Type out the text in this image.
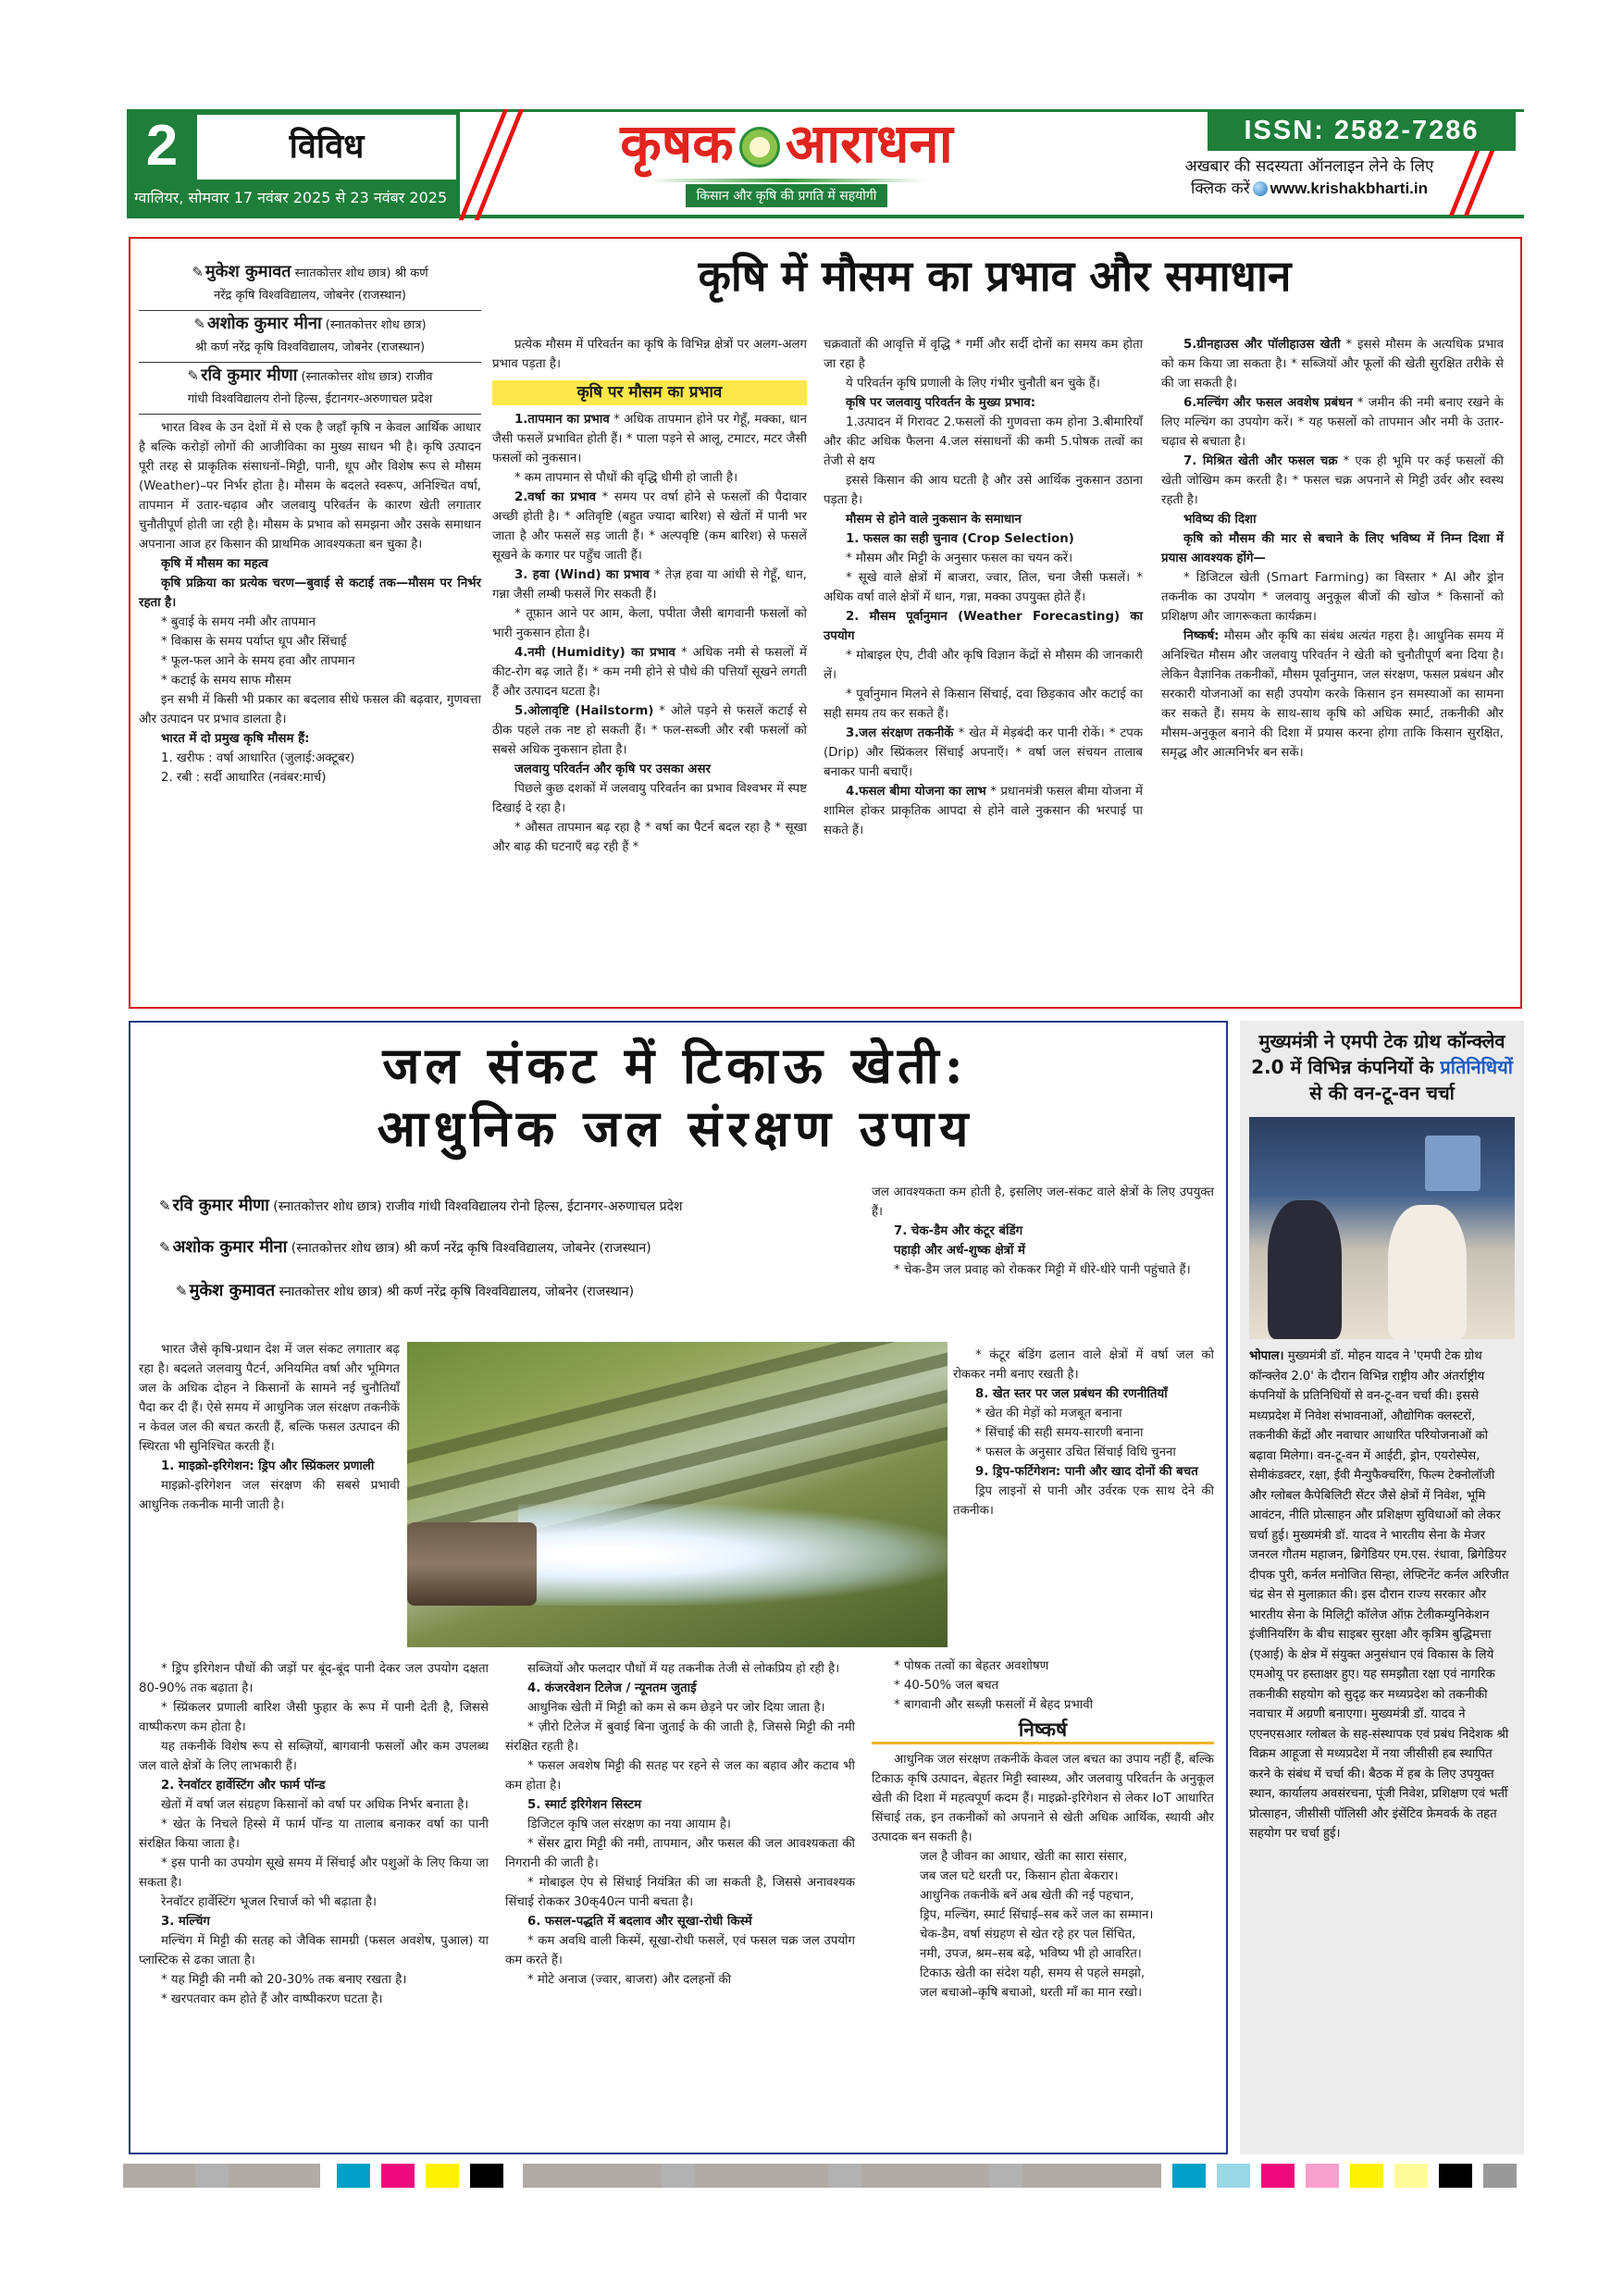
2	विविध
ग्वालियर, सोमवार 17 नवंबर 2025 से 23 नवंबर 2025
कृषक आराधना
किसान और कृषि की प्रगति में सहयोगी
ISSN: 2582-7286
अखबार की सदस्यता ऑनलाइन लेने के लिए
क्लिक करें www.krishakbharti.in
कृषि में मौसम का प्रभाव और समाधान
✎ मुकेश कुमावत स्नातकोत्तर शोध छात्र) श्री कर्ण
नरेंद्र कृषि विश्वविद्यालय, जोबनेर (राजस्थान)
✎ अशोक कुमार मीना (स्नातकोत्तर शोध छात्र)
श्री कर्ण नरेंद्र कृषि विश्वविद्यालय, जोबनेर (राजस्थान)
✎ रवि कुमार मीणा (स्नातकोत्तर शोध छात्र) राजीव
गांधी विश्वविद्यालय रोनो हिल्स, ईटानगर-अरुणाचल प्रदेश

भारत विश्व के उन देशों में से एक है जहाँ कृषि न केवल आर्थिक आधार है बल्कि करोड़ों लोगों की आजीविका का मुख्य साधन भी है। कृषि उत्पादन पूरी तरह से प्राकृतिक संसाधनों–मिट्टी, पानी, धूप और विशेष रूप से मौसम (Weather)–पर निर्भर होता है। मौसम के बदलते स्वरूप, अनिश्चित वर्षा, तापमान में उतार-चढ़ाव और जलवायु परिवर्तन के कारण खेती लगातार चुनौतीपूर्ण होती जा रही है। मौसम के प्रभाव को समझना और उसके समाधान अपनाना आज हर किसान की प्राथमिक आवश्यकता बन चुका है।

कृषि में मौसम का महत्व

कृषि प्रक्रिया का प्रत्येक चरण—बुवाई से कटाई तक—मौसम पर निर्भर रहता है।

* बुवाई के समय नमी और तापमान

* विकास के समय पर्याप्त धूप और सिंचाई

* फूल-फल आने के समय हवा और तापमान

* कटाई के समय साफ मौसम

इन सभी में किसी भी प्रकार का बदलाव सीधे फसल की बढ़वार, गुणवत्ता और उत्पादन पर प्रभाव डालता है।

भारत में दो प्रमुख कृषि मौसम हैं:

1. खरीफ : वर्षा आधारित (जुलाई:अक्टूबर)

2. रबी : सर्दी आधारित (नवंबर:मार्च)

प्रत्येक मौसम में परिवर्तन का कृषि के विभिन्न क्षेत्रों पर अलग-अलग प्रभाव पड़ता है।

कृषि पर मौसम का प्रभाव

1.तापमान का प्रभाव * अधिक तापमान होने पर गेहूँ, मक्का, धान जैसी फसलें प्रभावित होती हैं। * पाला पड़ने से आलू, टमाटर, मटर जैसी फसलों को नुकसान।

* कम तापमान से पौधों की वृद्धि धीमी हो जाती है।

2.वर्षा का प्रभाव * समय पर वर्षा होने से फसलों की पैदावार अच्छी होती है। * अतिवृष्टि (बहुत ज्यादा बारिश) से खेतों में पानी भर जाता है और फसलें सड़ जाती हैं। * अल्पवृष्टि (कम बारिश) से फसलें सूखने के कगार पर पहुँच जाती हैं।

3. हवा (Wind) का प्रभाव * तेज़ हवा या आंधी से गेहूँ, धान, गन्ना जैसी लम्बी फसलें गिर सकती हैं।

* तूफ़ान आने पर आम, केला, पपीता जैसी बागवानी फसलों को भारी नुकसान होता है।

4.नमी (Humidity) का प्रभाव * अधिक नमी से फसलों में कीट-रोग बढ़ जाते हैं। * कम नमी होने से पौधे की पत्तियाँ सूखने लगती हैं और उत्पादन घटता है।

5.ओलावृष्टि (Hailstorm) * ओले पड़ने से फसलें कटाई से ठीक पहले तक नष्ट हो सकती हैं। * फल-सब्जी और रबी फसलों को सबसे अधिक नुकसान होता है।

जलवायु परिवर्तन और कृषि पर उसका असर

पिछले कुछ दशकों में जलवायु परिवर्तन का प्रभाव विश्वभर में स्पष्ट दिखाई दे रहा है।

* औसत तापमान बढ़ रहा है * वर्षा का पैटर्न बदल रहा है * सूखा और बाढ़ की घटनाएँ बढ़ रही हैं *

चक्रवातों की आवृत्ति में वृद्धि * गर्मी और सर्दी दोनों का समय कम होता जा रहा है

ये परिवर्तन कृषि प्रणाली के लिए गंभीर चुनौती बन चुके हैं।

कृषि पर जलवायु परिवर्तन के मुख्य प्रभाव:

1.उत्पादन में गिरावट 2.फसलों की गुणवत्ता कम होना 3.बीमारियाँ और कीट अधिक फैलना 4.जल संसाधनों की कमी 5.पोषक तत्वों का तेजी से क्षय

इससे किसान की आय घटती है और उसे आर्थिक नुकसान उठाना पड़ता है।

मौसम से होने वाले नुकसान के समाधान

1. फसल का सही चुनाव (Crop Selection)

* मौसम और मिट्टी के अनुसार फसल का चयन करें।

* सूखे वाले क्षेत्रों में बाजरा, ज्वार, तिल, चना जैसी फसलें। * अधिक वर्षा वाले क्षेत्रों में धान, गन्ना, मक्का उपयुक्त होते हैं।

2. मौसम पूर्वानुमान (Weather Forecasting) का उपयोग

* मोबाइल ऐप, टीवी और कृषि विज्ञान केंद्रों से मौसम की जानकारी लें।

* पूर्वानुमान मिलने से किसान सिंचाई, दवा छिड़काव और कटाई का सही समय तय कर सकते हैं।

3.जल संरक्षण तकनीकें * खेत में मेड़बंदी कर पानी रोकें। * टपक (Drip) और स्प्रिंकलर सिंचाई अपनाएँ। * वर्षा जल संचयन तालाब बनाकर पानी बचाएँ।

4.फसल बीमा योजना का लाभ * प्रधानमंत्री फसल बीमा योजना में शामिल होकर प्राकृतिक आपदा से होने वाले नुकसान की भरपाई पा सकते हैं।

5.ग्रीनहाउस और पॉलीहाउस खेती * इससे मौसम के अत्यधिक प्रभाव को कम किया जा सकता है। * सब्जियों और फूलों की खेती सुरक्षित तरीके से की जा सकती है।

6.मल्चिंग और फसल अवशेष प्रबंधन * जमीन की नमी बनाए रखने के लिए मल्चिंग का उपयोग करें। * यह फसलों को तापमान और नमी के उतार-चढ़ाव से बचाता है।

7. मिश्रित खेती और फसल चक्र * एक ही भूमि पर कई फसलों की खेती जोखिम कम करती है। * फसल चक्र अपनाने से मिट्टी उर्वर और स्वस्थ रहती है।

भविष्य की दिशा

कृषि को मौसम की मार से बचाने के लिए भविष्य में निम्न दिशा में प्रयास आवश्यक होंगे—

* डिजिटल खेती (Smart Farming) का विस्तार * AI और ड्रोन तकनीक का उपयोग * जलवायु अनुकूल बीजों की खोज * किसानों को प्रशिक्षण और जागरूकता कार्यक्रम।

निष्कर्ष: मौसम और कृषि का संबंध अत्यंत गहरा है। आधुनिक समय में अनिश्चित मौसम और जलवायु परिवर्तन ने खेती को चुनौतीपूर्ण बना दिया है। लेकिन वैज्ञानिक तकनीकों, मौसम पूर्वानुमान, जल संरक्षण, फसल प्रबंधन और सरकारी योजनाओं का सही उपयोग करके किसान इन समस्याओं का सामना कर सकते हैं। समय के साथ-साथ कृषि को अधिक स्मार्ट, तकनीकी और मौसम-अनुकूल बनाने की दिशा में प्रयास करना होगा ताकि किसान सुरक्षित, समृद्ध और आत्मनिर्भर बन सकें।

जल संकट में टिकाऊ खेती:
आधुनिक जल संरक्षण उपाय
✎ रवि कुमार मीणा (स्नातकोत्तर शोध छात्र) राजीव गांधी विश्वविद्यालय रोनो हिल्स, ईटानगर-अरुणाचल प्रदेश
✎ अशोक कुमार मीना (स्नातकोत्तर शोध छात्र) श्री कर्ण नरेंद्र कृषि विश्वविद्यालय, जोबनेर (राजस्थान)
✎ मुकेश कुमावत स्नातकोत्तर शोध छात्र) श्री कर्ण नरेंद्र कृषि विश्वविद्यालय, जोबनेर (राजस्थान)

भारत जैसे कृषि-प्रधान देश में जल संकट लगातार बढ़ रहा है। बदलते जलवायु पैटर्न, अनियमित वर्षा और भूमिगत जल के अधिक दोहन ने किसानों के सामने नई चुनौतियाँ पैदा कर दी हैं। ऐसे समय में आधुनिक जल संरक्षण तकनीकें न केवल जल की बचत करती हैं, बल्कि फसल उत्पादन की स्थिरता भी सुनिश्चित करती हैं।

1. माइक्रो-इरिगेशन: ड्रिप और स्प्रिंकलर प्रणाली

माइक्रो-इरिगेशन जल संरक्षण की सबसे प्रभावी आधुनिक तकनीक मानी जाती है।

* ड्रिप इरिगेशन पौधों की जड़ों पर बूंद-बूंद पानी देकर जल उपयोग दक्षता 80-90% तक बढ़ाता है।

* स्प्रिंकलर प्रणाली बारिश जैसी फुहार के रूप में पानी देती है, जिससे वाष्पीकरण कम होता है।

यह तकनीकें विशेष रूप से सब्ज़ियों, बागवानी फसलों और कम उपलब्ध जल वाले क्षेत्रों के लिए लाभकारी हैं।

2. रेनवॉटर हार्वेस्टिंग और फार्म पॉन्ड

खेतों में वर्षा जल संग्रहण किसानों को वर्षा पर अधिक निर्भर बनाता है।

* खेत के निचले हिस्से में फार्म पॉन्ड या तालाब बनाकर वर्षा का पानी संरक्षित किया जाता है।

* इस पानी का उपयोग सूखे समय में सिंचाई और पशुओं के लिए किया जा सकता है।

रेनवॉटर हार्वेस्टिंग भूजल रिचार्ज को भी बढ़ाता है।

3. मल्चिंग

मल्चिंग में मिट्टी की सतह को जैविक सामग्री (फसल अवशेष, पुआल) या प्लास्टिक से ढका जाता है।

* यह मिट्टी की नमी को 20-30% तक बनाए रखता है।

* खरपतवार कम होते हैं और वाष्पीकरण घटता है।

सब्जियों और फलदार पौधों में यह तकनीक तेजी से लोकप्रिय हो रही है।

4. कंजरवेशन टिलेज / न्यूनतम जुताई

आधुनिक खेती में मिट्टी को कम से कम छेड़ने पर जोर दिया जाता है।

* ज़ीरो टिलेज में बुवाई बिना जुताई के की जाती है, जिससे मिट्टी की नमी संरक्षित रहती है।

* फसल अवशेष मिट्टी की सतह पर रहने से जल का बहाव और कटाव भी कम होता है।

5. स्मार्ट इरिगेशन सिस्टम

डिजिटल कृषि जल संरक्षण का नया आयाम है।

* सेंसर द्वारा मिट्टी की नमी, तापमान, और फसल की जल आवश्यकता की निगरानी की जाती है।

* मोबाइल ऐप से सिंचाई नियंत्रित की जा सकती है, जिससे अनावश्यक सिंचाई रोककर 30क्40त्न पानी बचता है।

6. फसल-पद्धति में बदलाव और सूखा-रोधी किस्में

* कम अवधि वाली किस्में, सूखा-रोधी फसलें, एवं फसल चक्र जल उपयोग कम करते हैं।

* मोटे अनाज (ज्वार, बाजरा) और दलहनों की

जल आवश्यकता कम होती है, इसलिए जल-संकट वाले क्षेत्रों के लिए उपयुक्त हैं।

7. चेक-डैम और कंटूर बंडिंग

पहाड़ी और अर्ध-शुष्क क्षेत्रों में

* चेक-डैम जल प्रवाह को रोककर मिट्टी में धीरे-धीरे पानी पहुंचाते हैं।

* कंटूर बंडिंग ढलान वाले क्षेत्रों में वर्षा जल को रोककर नमी बनाए रखती है।

8. खेत स्तर पर जल प्रबंधन की रणनीतियाँ

* खेत की मेड़ों को मजबूत बनाना

* सिंचाई की सही समय-सारणी बनाना

* फसल के अनुसार उचित सिंचाई विधि चुनना

9. ड्रिप-फर्टिगेशन: पानी और खाद दोनों की बचत

ड्रिप लाइनों से पानी और उर्वरक एक साथ देने की तकनीक।

* पोषक तत्वों का बेहतर अवशोषण

* 40-50% जल बचत

* बागवानी और सब्ज़ी फसलों में बेहद प्रभावी

निष्कर्ष

आधुनिक जल संरक्षण तकनीकें केवल जल बचत का उपाय नहीं हैं, बल्कि टिकाऊ कृषि उत्पादन, बेहतर मिट्टी स्वास्थ्य, और जलवायु परिवर्तन के अनुकूल खेती की दिशा में महत्वपूर्ण कदम हैं। माइक्रो-इरिगेशन से लेकर IoT आधारित सिंचाई तक, इन तकनीकों को अपनाने से खेती अधिक आर्थिक, स्थायी और उत्पादक बन सकती है।

जल है जीवन का आधार, खेती का सारा संसार,

जब जल घटे धरती पर, किसान होता बेकरार।

आधुनिक तकनीकें बनें अब खेती की नई पहचान,

ड्रिप, मल्चिंग, स्मार्ट सिंचाई–सब करें जल का सम्मान।

चेक-डैम, वर्षा संग्रहण से खेत रहे हर पल सिंचित,

नमी, उपज, श्रम–सब बढ़े, भविष्य भी हो आवरित।

टिकाऊ खेती का संदेश यही, समय से पहले समझो,

जल बचाओ–कृषि बचाओ, धरती माँ का मान रखो।

मुख्यमंत्री ने एमपी टेक ग्रोथ कॉन्क्लेव 2.0 में विभिन्न कंपनियों के प्रतिनिधियों से की वन-टू-वन चर्चा
भोपाल। मुख्यमंत्री डॉ. मोहन यादव ने 'एमपी टेक ग्रोथ कॉन्क्लेव 2.0' के दौरान विभिन्न राष्ट्रीय और अंतर्राष्ट्रीय कंपनियों के प्रतिनिधियों से वन-टू-वन चर्चा की। इससे मध्यप्रदेश में निवेश संभावनाओं, औद्योगिक क्लस्टरों, तकनीकी केंद्रों और नवाचार आधारित परियोजनाओं को बढ़ावा मिलेगा। वन-टू-वन में आईटी, ड्रोन, एयरोस्पेस, सेमीकंडक्टर, रक्षा, ईवी मैन्युफैक्चरिंग, फिल्म टेक्नोलॉजी और ग्लोबल कैपेबिलिटी सेंटर जैसे क्षेत्रों में निवेश, भूमि आवंटन, नीति प्रोत्साहन और प्रशिक्षण सुविधाओं को लेकर चर्चा हुई। मुख्यमंत्री डॉ. यादव ने भारतीय सेना के मेजर जनरल गौतम महाजन, ब्रिगेडियर एम.एस. रंधावा, ब्रिगेडियर दीपक पुरी, कर्नल मनोजित सिन्हा, लेफ्टिनेंट कर्नल अरिजीत चंद्र सेन से मुलाक़ात की। इस दौरान राज्य सरकार और भारतीय सेना के मिलिट्री कॉलेज ऑफ़ टेलीकम्युनिकेशन इंजीनियरिंग के बीच साइबर सुरक्षा और कृत्रिम बुद्धिमत्ता (एआई) के क्षेत्र में संयुक्त अनुसंधान एवं विकास के लिये एमओयू पर हस्ताक्षर हुए। यह समझौता रक्षा एवं नागरिक तकनीकी सहयोग को सुदृढ़ कर मध्यप्रदेश को तकनीकी नवाचार में अग्रणी बनाएगा। मुख्यमंत्री डॉ. यादव ने एएनएसआर ग्लोबल के सह-संस्थापक एवं प्रबंध निदेशक श्री विक्रम आहूजा से मध्यप्रदेश में नया जीसीसी हब स्थापित करने के संबंध में चर्चा की। बैठक में हब के लिए उपयुक्त स्थान, कार्यालय अवसंरचना, पूंजी निवेश, प्रशिक्षण एवं भर्ती प्रोत्साहन, जीसीसी पॉलिसी और इंसेंटिव फ्रेमवर्क के तहत सहयोग पर चर्चा हुई।
